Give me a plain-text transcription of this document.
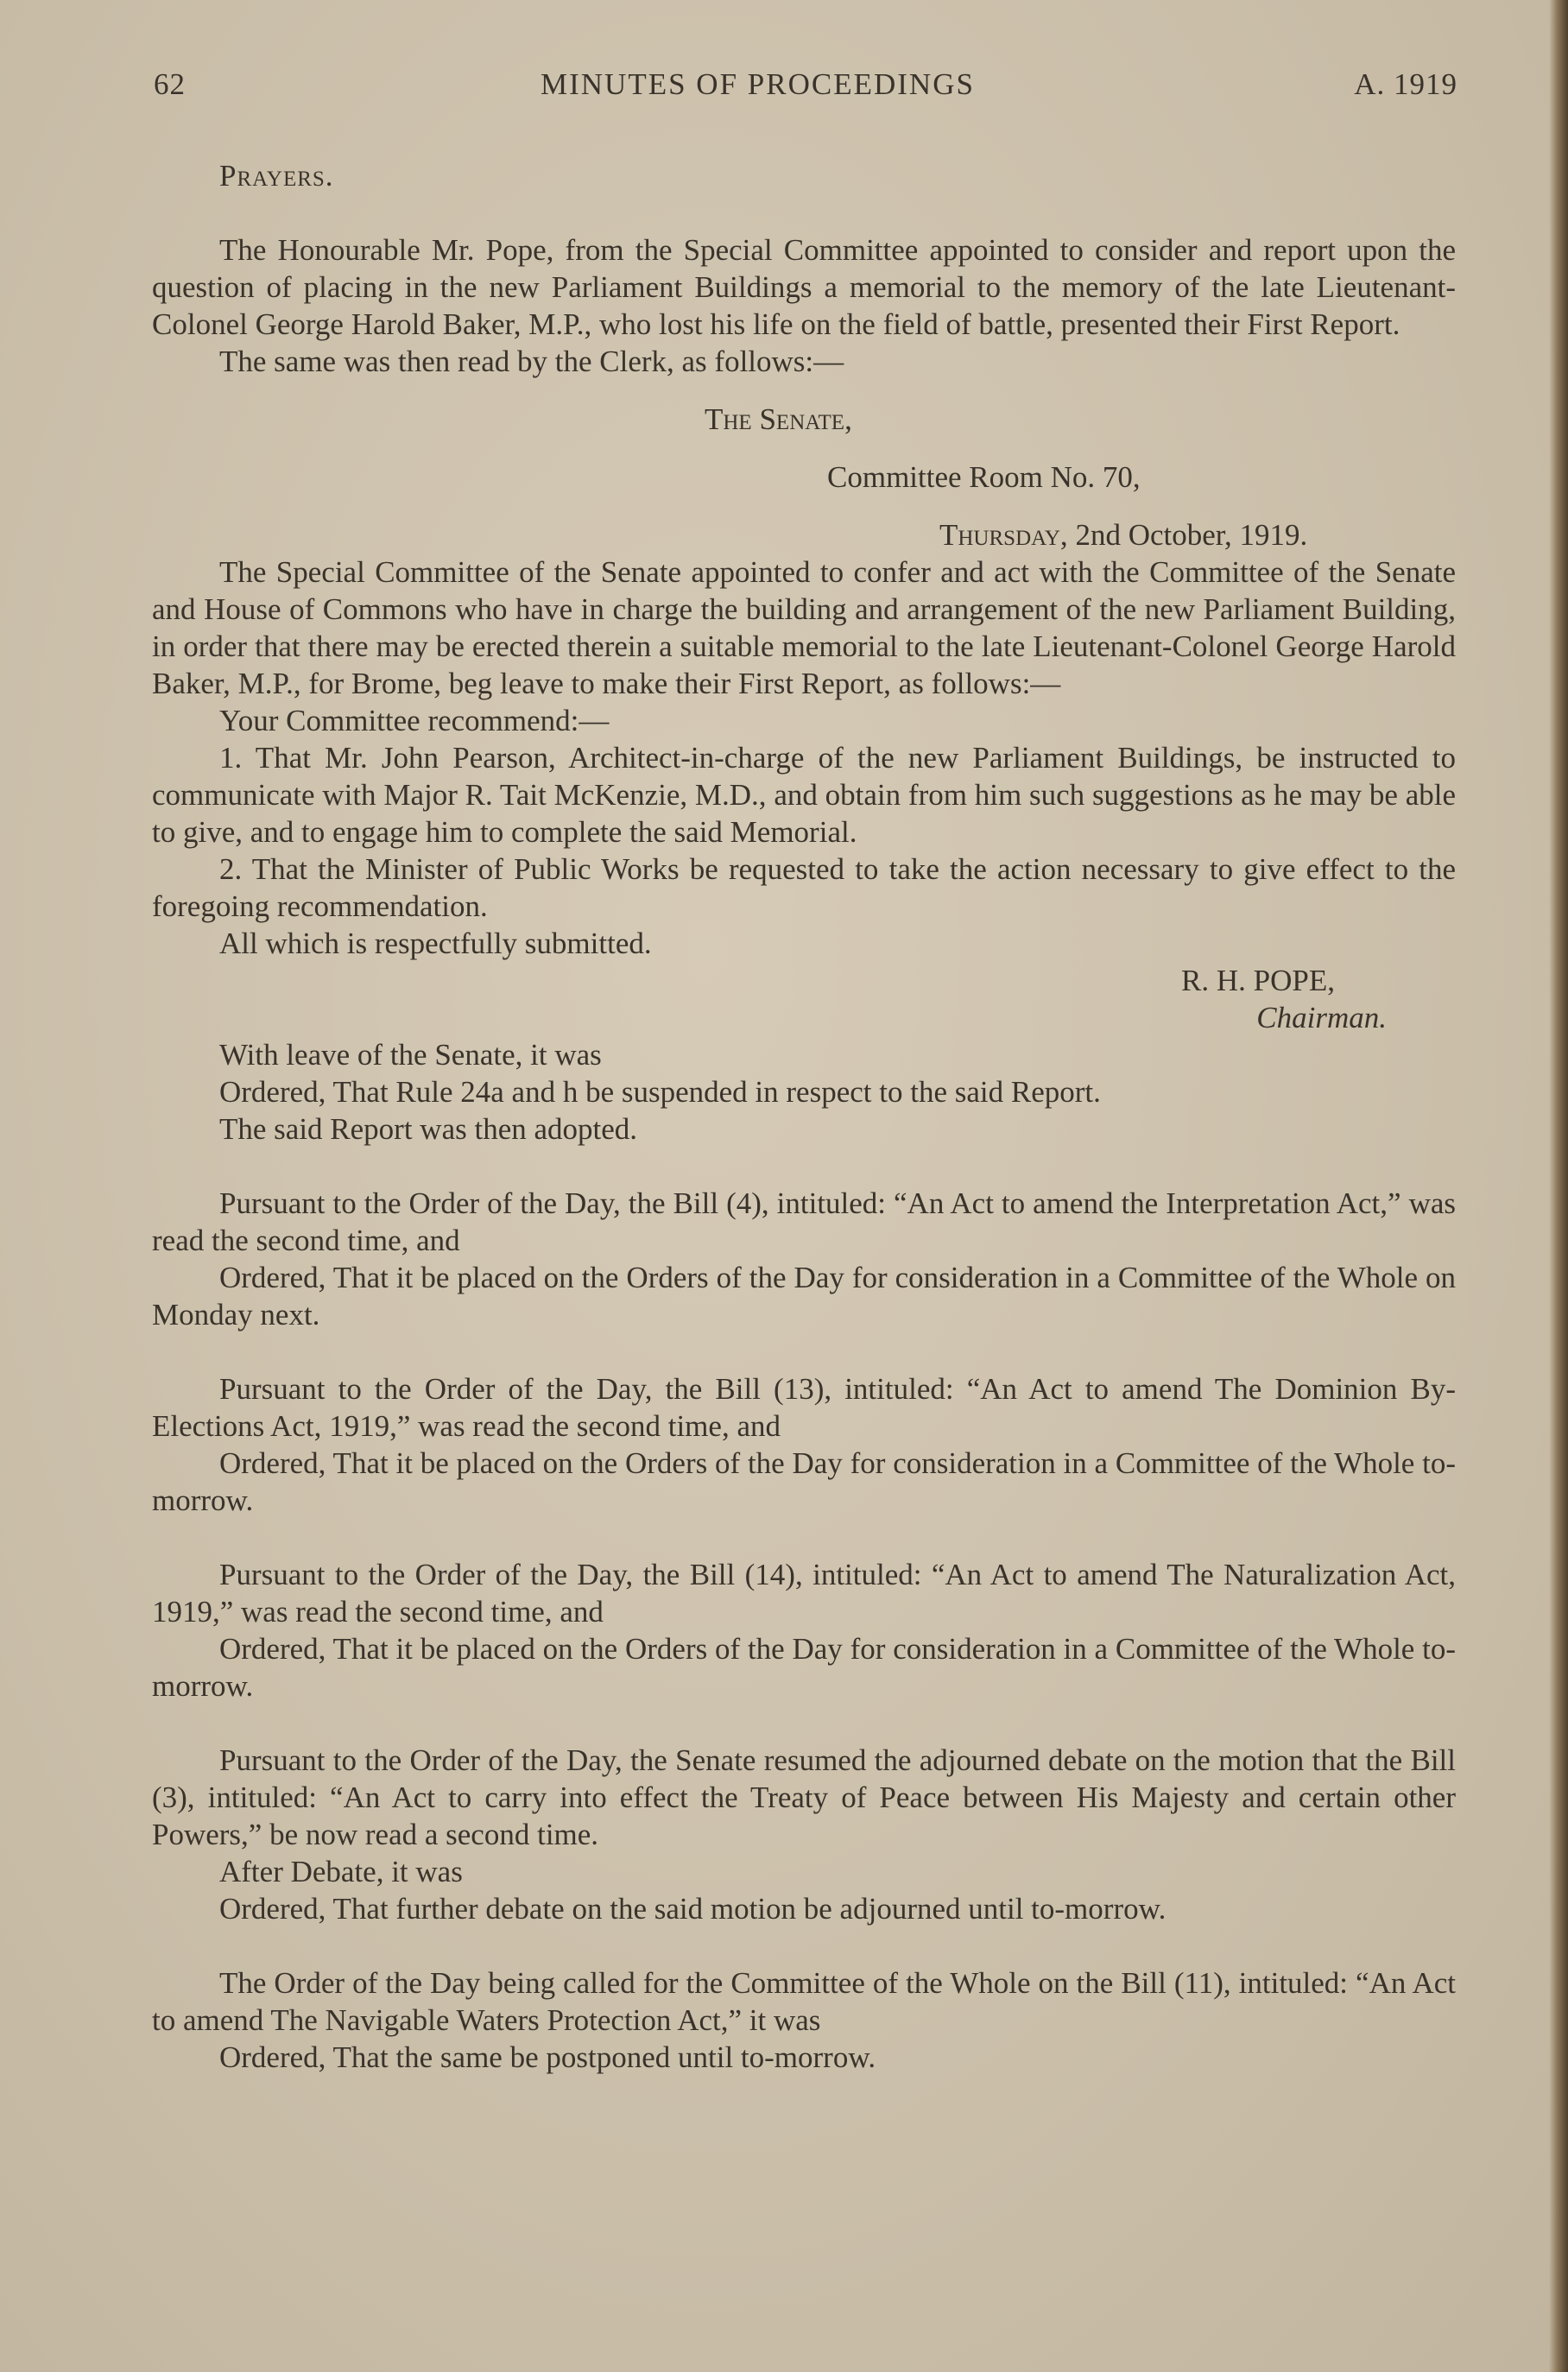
62	MINUTES OF PROCEEDINGS	A. 1919

Prayers.

The Honourable Mr. Pope, from the Special Committee appointed to consider and report upon the question of placing in the new Parliament Buildings a memorial to the memory of the late Lieutenant-Colonel George Harold Baker, M.P., who lost his life on the field of battle, presented their First Report.

The same was then read by the Clerk, as follows:—

The Senate,

Committee Room No. 70,

Thursday, 2nd October, 1919.

The Special Committee of the Senate appointed to confer and act with the Committee of the Senate and House of Commons who have in charge the building and arrangement of the new Parliament Building, in order that there may be erected therein a suitable memorial to the late Lieutenant-Colonel George Harold Baker, M.P., for Brome, beg leave to make their First Report, as follows:—

Your Committee recommend:—

1. That Mr. John Pearson, Architect-in-charge of the new Parliament Buildings, be instructed to communicate with Major R. Tait McKenzie, M.D., and obtain from him such suggestions as he may be able to give, and to engage him to complete the said Memorial.

2. That the Minister of Public Works be requested to take the action necessary to give effect to the foregoing recommendation.

All which is respectfully submitted.

R. H. POPE,

Chairman.

With leave of the Senate, it was

Ordered, That Rule 24a and h be suspended in respect to the said Report.

The said Report was then adopted.

Pursuant to the Order of the Day, the Bill (4), intituled: “An Act to amend the Interpretation Act,” was read the second time, and

Ordered, That it be placed on the Orders of the Day for consideration in a Committee of the Whole on Monday next.

Pursuant to the Order of the Day, the Bill (13), intituled: “An Act to amend The Dominion By-Elections Act, 1919,” was read the second time, and

Ordered, That it be placed on the Orders of the Day for consideration in a Committee of the Whole to-morrow.

Pursuant to the Order of the Day, the Bill (14), intituled: “An Act to amend The Naturalization Act, 1919,” was read the second time, and

Ordered, That it be placed on the Orders of the Day for consideration in a Committee of the Whole to-morrow.

Pursuant to the Order of the Day, the Senate resumed the adjourned debate on the motion that the Bill (3), intituled: “An Act to carry into effect the Treaty of Peace between His Majesty and certain other Powers,” be now read a second time.

After Debate, it was

Ordered, That further debate on the said motion be adjourned until to-morrow.

The Order of the Day being called for the Committee of the Whole on the Bill (11), intituled: “An Act to amend The Navigable Waters Protection Act,” it was

Ordered, That the same be postponed until to-morrow.
